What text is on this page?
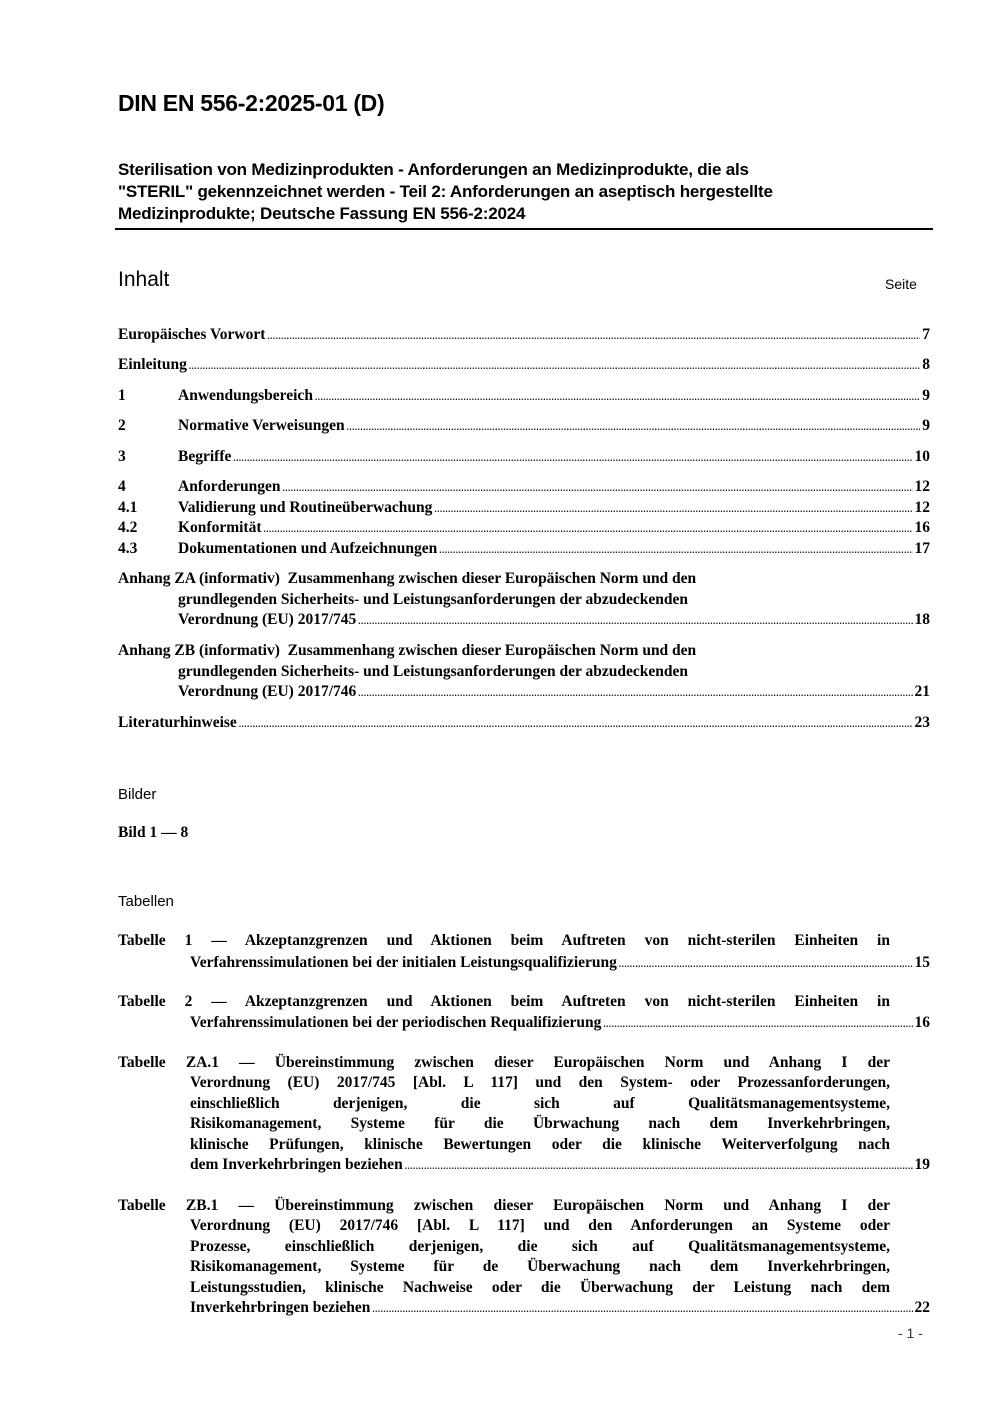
DIN EN 556-2:2025-01 (D)
Sterilisation von Medizinprodukten - Anforderungen an Medizinprodukte, die als
"STERIL" gekennzeichnet werden - Teil 2: Anforderungen an aseptisch hergestellte
Medizinprodukte; Deutsche Fassung EN 556-2:2024
Inhalt	Seite
Europäisches Vorwort .....	7
Einleitung .....	8
1	Anwendungsbereich .....	9
2	Normative Verweisungen .....	9
3	Begriffe .....	10
4	Anforderungen .....	12
4.1	Validierung und Routineüberwachung .....	12
4.2	Konformität .....	16
4.3	Dokumentationen und Aufzeichnungen .....	17
Anhang ZA (informativ) Zusammenhang zwischen dieser Europäischen Norm und den
grundlegenden Sicherheits- und Leistungsanforderungen der abzudeckenden
Verordnung (EU) 2017/745 .....	18
Anhang ZB (informativ) Zusammenhang zwischen dieser Europäischen Norm und den
grundlegenden Sicherheits- und Leistungsanforderungen der abzudeckenden
Verordnung (EU) 2017/746 .....	21
Literaturhinweise .....	23
Bild 1 — 8
Tabelle 1 — Akzeptanzgrenzen und Aktionen beim Auftreten von nicht-sterilen Einheiten in
Verfahrenssimulationen bei der initialen Leistungsqualifizierung .....	15
Tabelle 2 — Akzeptanzgrenzen und Aktionen beim Auftreten von nicht-sterilen Einheiten in
Verfahrenssimulationen bei der periodischen Requalifizierung .....	16
Tabelle ZA.1 — Übereinstimmung zwischen dieser Europäischen Norm und Anhang I der
Verordnung (EU) 2017/745 [Abl. L 117] und den System- oder Prozessanforderungen,
einschließlich derjenigen, die sich auf Qualitätsmanagementsysteme,
Risikomanagement, Systeme für die Übrwachung nach dem Inverkehrbringen,
klinische Prüfungen, klinische Bewertungen oder die klinische Weiterverfolgung nach
dem Inverkehrbringen beziehen .....	19
Tabelle ZB.1 — Übereinstimmung zwischen dieser Europäischen Norm und Anhang I der
Verordnung (EU) 2017/746 [Abl. L 117] und den Anforderungen an Systeme oder
Prozesse, einschließlich derjenigen, die sich auf Qualitätsmanagementsysteme,
Risikomanagement, Systeme für de Überwachung nach dem Inverkehrbringen,
Leistungsstudien, klinische Nachweise oder die Überwachung der Leistung nach dem
Inverkehrbringen beziehen .....	22
Bilder
Tabellen
- 1 -
